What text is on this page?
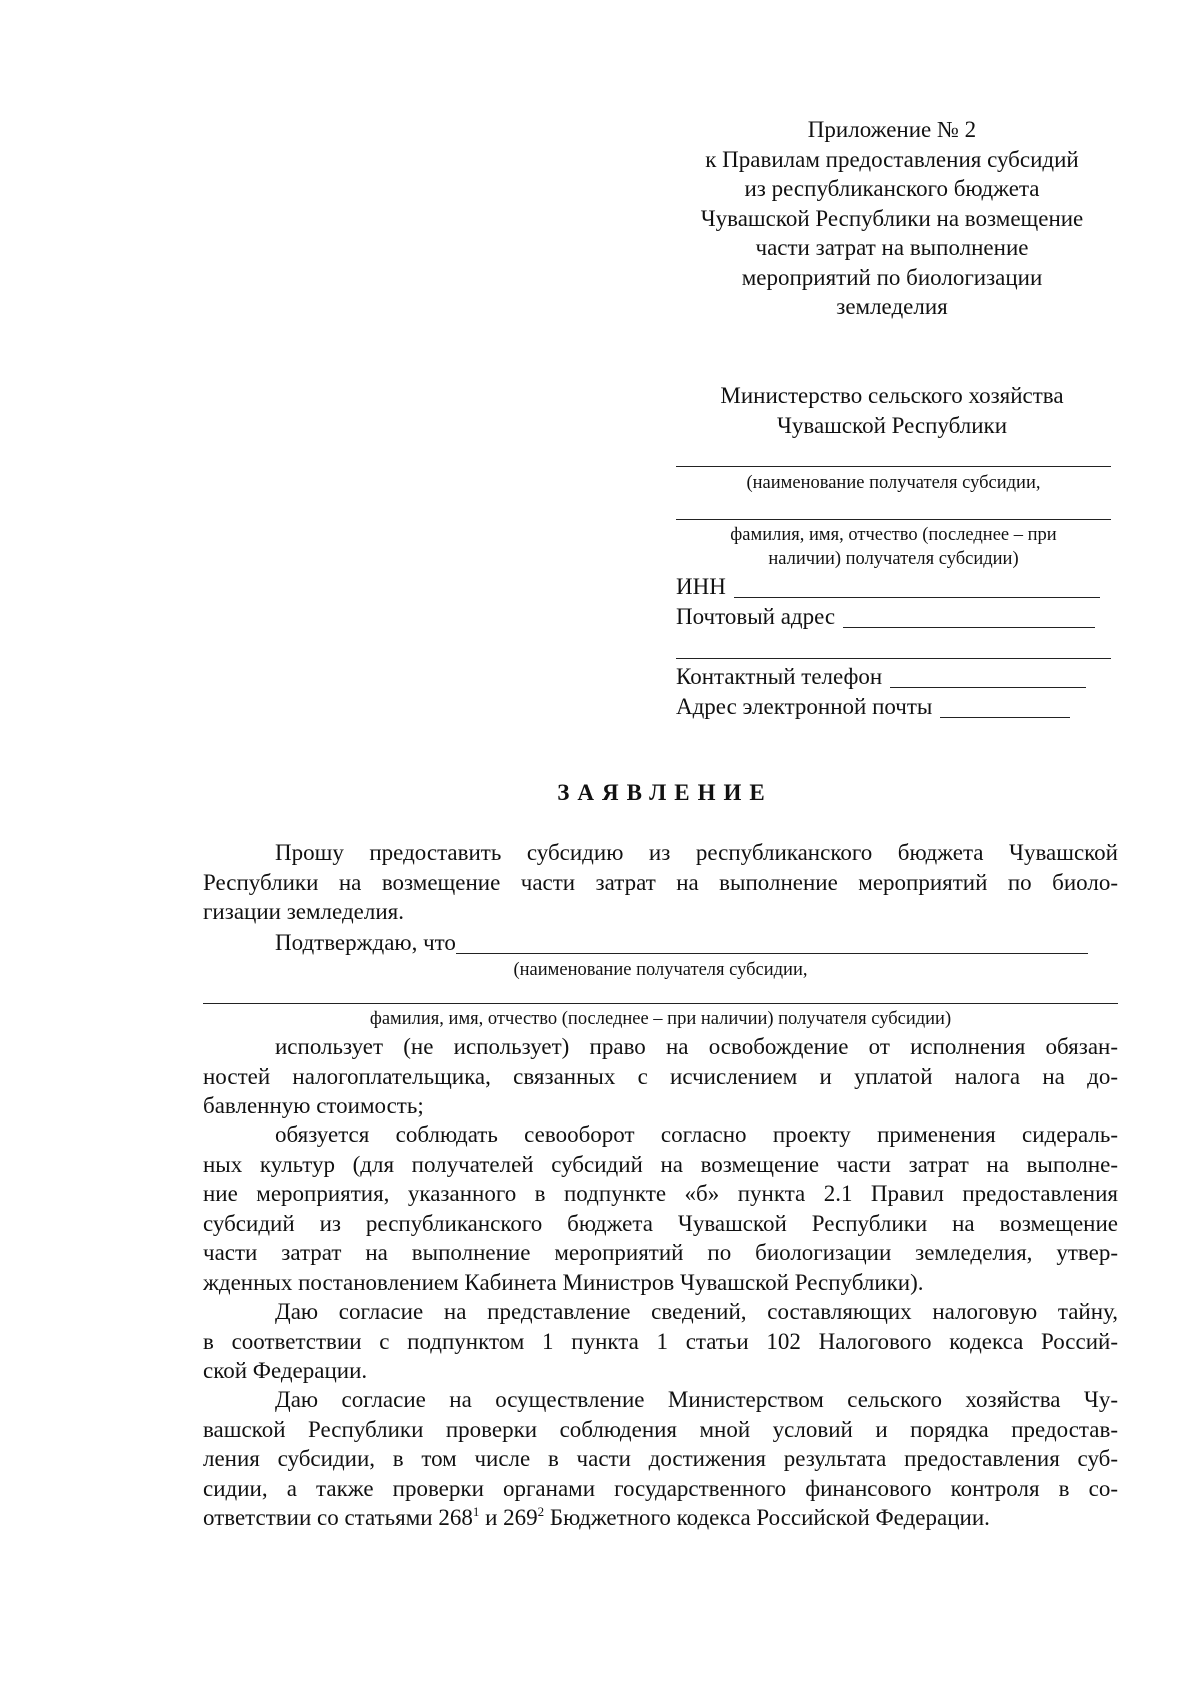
Приложение № 2
к Правилам предоставления субсидий
из республиканского бюджета
Чувашской Республики на возмещение
части затрат на выполнение
мероприятий по биологизации
земледелия
Министерство сельского хозяйства
Чувашской Республики
(наименование получателя субсидии,
фамилия, имя, отчество (последнее – при
наличии) получателя субсидии)
ИНН
Почтовый адрес
Контактный телефон
Адрес электронной почты
ЗАЯВЛЕНИЕ
Прошу предоставить субсидию из республиканского бюджета Чувашской
Республики на возмещение части затрат на выполнение мероприятий по биоло-
гизации земледелия.
Подтверждаю, что
(наименование получателя субсидии,
фамилия, имя, отчество (последнее – при наличии) получателя субсидии)
использует (не использует) право на освобождение от исполнения обязан-
ностей налогоплательщика, связанных с исчислением и уплатой налога на до-
бавленную стоимость;
обязуется соблюдать севооборот согласно проекту применения сидераль-
ных культур (для получателей субсидий на возмещение части затрат на выполне-
ние мероприятия, указанного в подпункте «б» пункта 2.1 Правил предоставления
субсидий из республиканского бюджета Чувашской Республики на возмещение
части затрат на выполнение мероприятий по биологизации земледелия, утвер-
жденных постановлением Кабинета Министров Чувашской Республики).
Даю согласие на представление сведений, составляющих налоговую тайну,
в соответствии с подпунктом 1 пункта 1 статьи 102 Налогового кодекса Россий-
ской Федерации.
Даю согласие на осуществление Министерством сельского хозяйства Чу-
вашской Республики проверки соблюдения мной условий и порядка предостав-
ления субсидии, в том числе в части достижения результата предоставления суб-
сидии, а также проверки органами государственного финансового контроля в со-
ответствии со статьями $268^1$ и $269^2$ Бюджетного кодекса Российской Федерации.
